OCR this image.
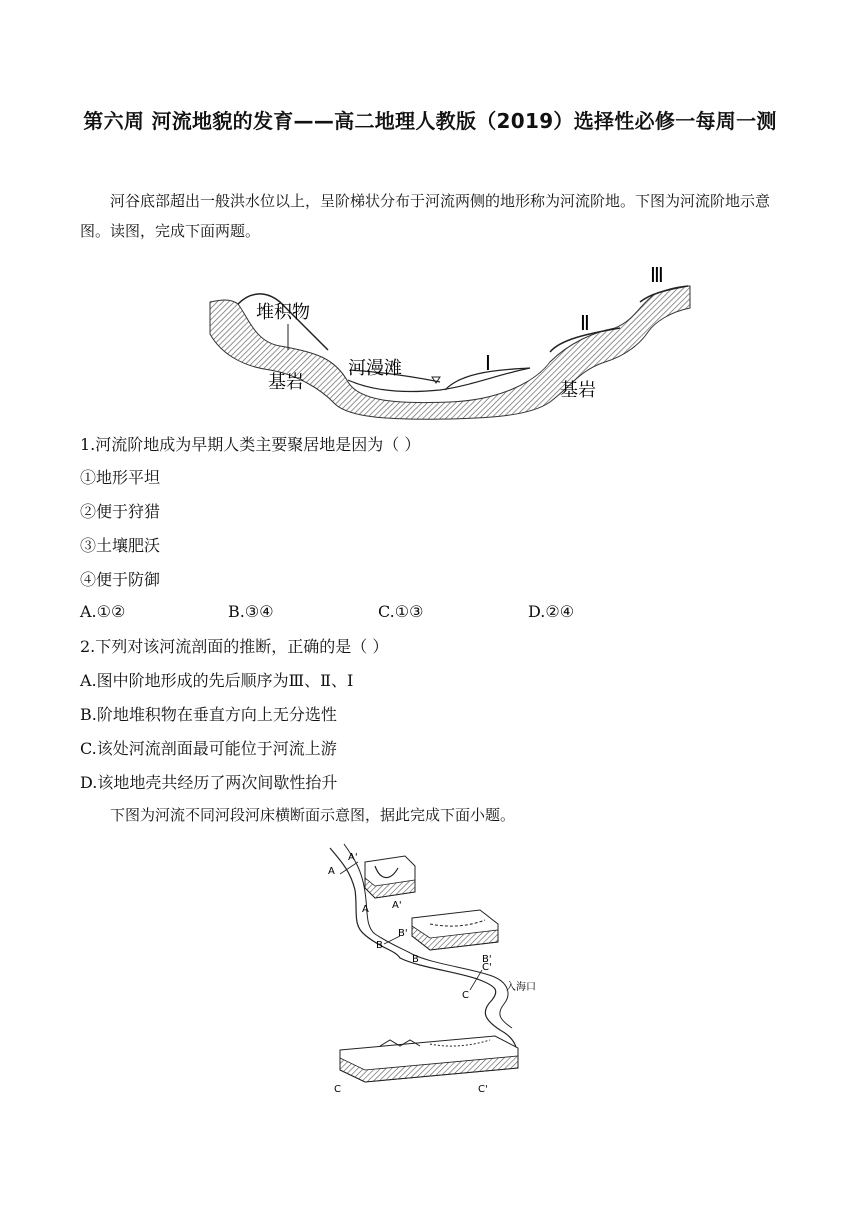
第六周 河流地貌的发育——高二地理人教版（2019）选择性必修一每周一测
河谷底部超出一般洪水位以上，呈阶梯状分布于河流两侧的地形称为河流阶地。下图为河流阶地示意图。读图，完成下面两题。
堆积物
河漫滩
基岩	基岩
Ⅰ
Ⅱ
Ⅲ
1.河流阶地成为早期人类主要聚居地是因为（ ）
①地形平坦
②便于狩猎
③土壤肥沃
④便于防御
A.①②	B.③④	C.①③	D.②④
2.下列对该河流剖面的推断，正确的是（ ）
A.图中阶地形成的先后顺序为Ⅲ、Ⅱ、Ⅰ
B.阶地堆积物在垂直方向上无分选性
C.该处河流剖面最可能位于河流上游
D.该地地壳共经历了两次间歇性抬升
下图为河流不同河段河床横断面示意图，据此完成下面小题。
A
A'
A A'
B
B'
B	B'
C'
C
入海口
C	C'
